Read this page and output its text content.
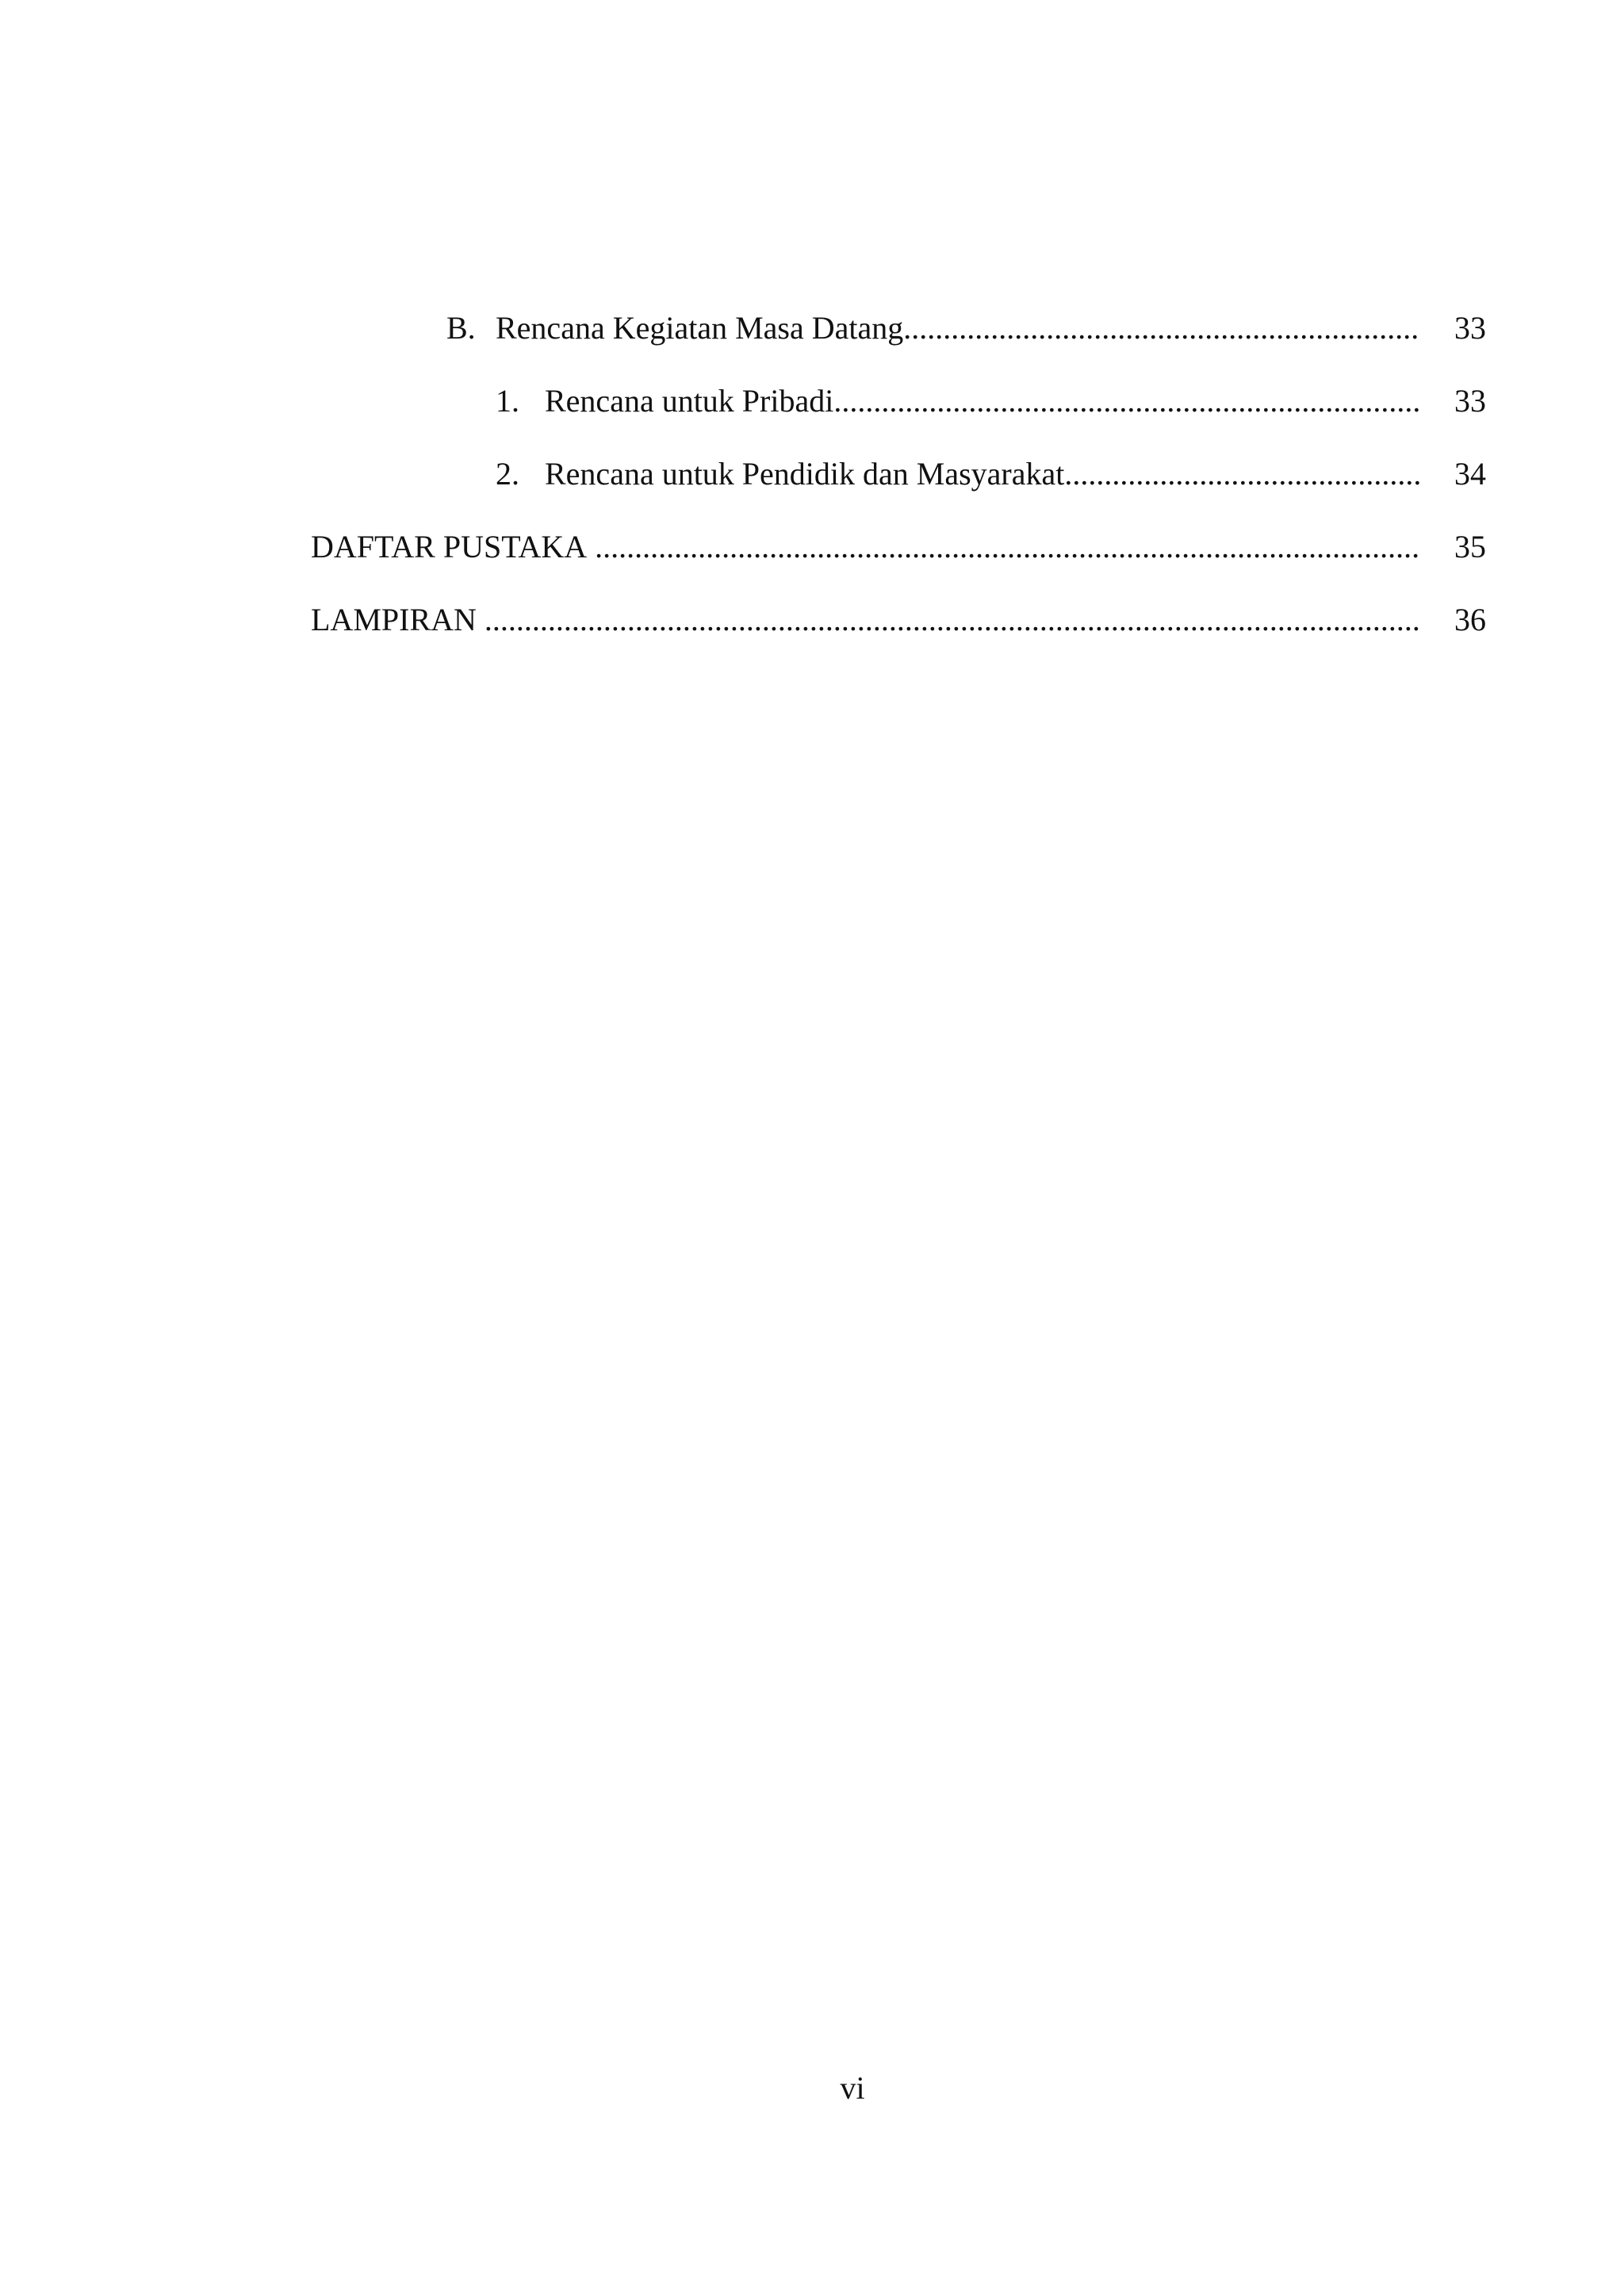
B. Rencana Kegiatan Masa Datang .....	33
1. Rencana untuk Pribadi .....	33
2. Rencana untuk Pendidik dan Masyarakat .....	34
DAFTAR PUSTAKA .....	35
LAMPIRAN .....	36
vi
